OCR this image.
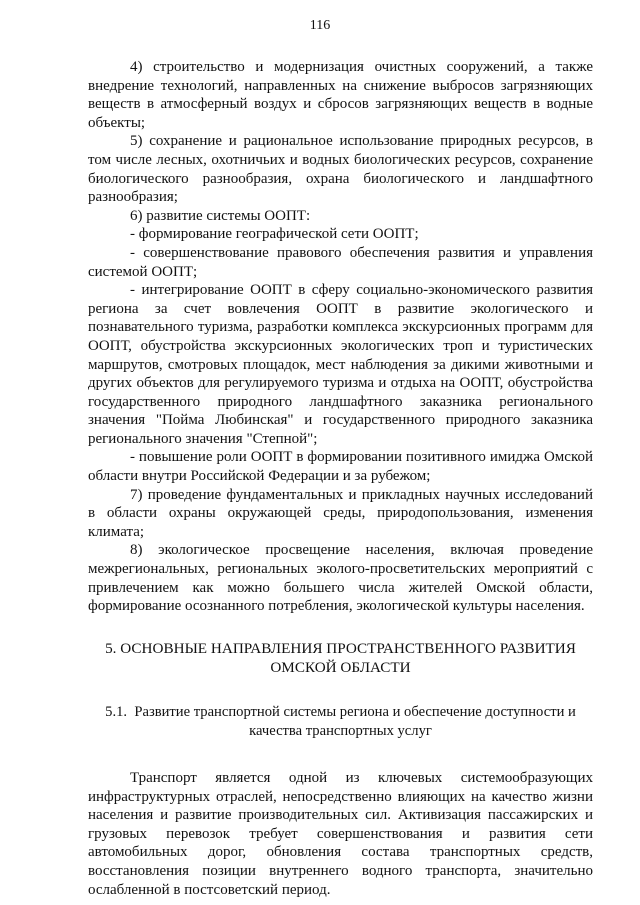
116

4) строительство и модернизация очистных сооружений, а также внедрение технологий, направленных на снижение выбросов загрязняющих веществ в атмосферный воздух и сбросов загрязняющих веществ в водные объекты;

5) сохранение и рациональное использование природных ресурсов, в том числе лесных, охотничьих и водных биологических ресурсов, сохранение биологического разнообразия, охрана биологического и ландшафтного разнообразия;

6) развитие системы ООПТ:

- формирование географической сети ООПТ;

- совершенствование правового обеспечения развития и управления системой ООПТ;

- интегрирование ООПТ в сферу социально-экономического развития региона за счет вовлечения ООПТ в развитие экологического и познавательного туризма, разработки комплекса экскурсионных программ для ООПТ, обустройства экскурсионных экологических троп и туристических маршрутов, смотровых площадок, мест наблюдения за дикими животными и других объектов для регулируемого туризма и отдыха на ООПТ, обустройства государственного природного ландшафтного заказника регионального значения "Пойма Любинская" и государственного природного заказника регионального значения "Степной";

- повышение роли ООПТ в формировании позитивного имиджа Омской области внутри Российской Федерации и за рубежом;

7) проведение фундаментальных и прикладных научных исследований в области охраны окружающей среды, природопользования, изменения климата;

8) экологическое просвещение населения, включая проведение межрегиональных, региональных эколого-просветительских мероприятий с привлечением как можно большего числа жителей Омской области, формирование осознанного потребления, экологической культуры населения.

5. ОСНОВНЫЕ НАПРАВЛЕНИЯ ПРОСТРАНСТВЕННОГО РАЗВИТИЯ
ОМСКОЙ ОБЛАСТИ
5.1.  Развитие транспортной системы региона и обеспечение доступности и
качества транспортных услуг

Транспорт является одной из ключевых системообразующих инфраструктурных отраслей, непосредственно влияющих на качество жизни населения и развитие производительных сил. Активизация пассажирских и грузовых перевозок требует совершенствования и развития сети автомобильных дорог, обновления состава транспортных средств, восстановления позиции внутреннего водного транспорта, значительно ослабленной в постсоветский период.
